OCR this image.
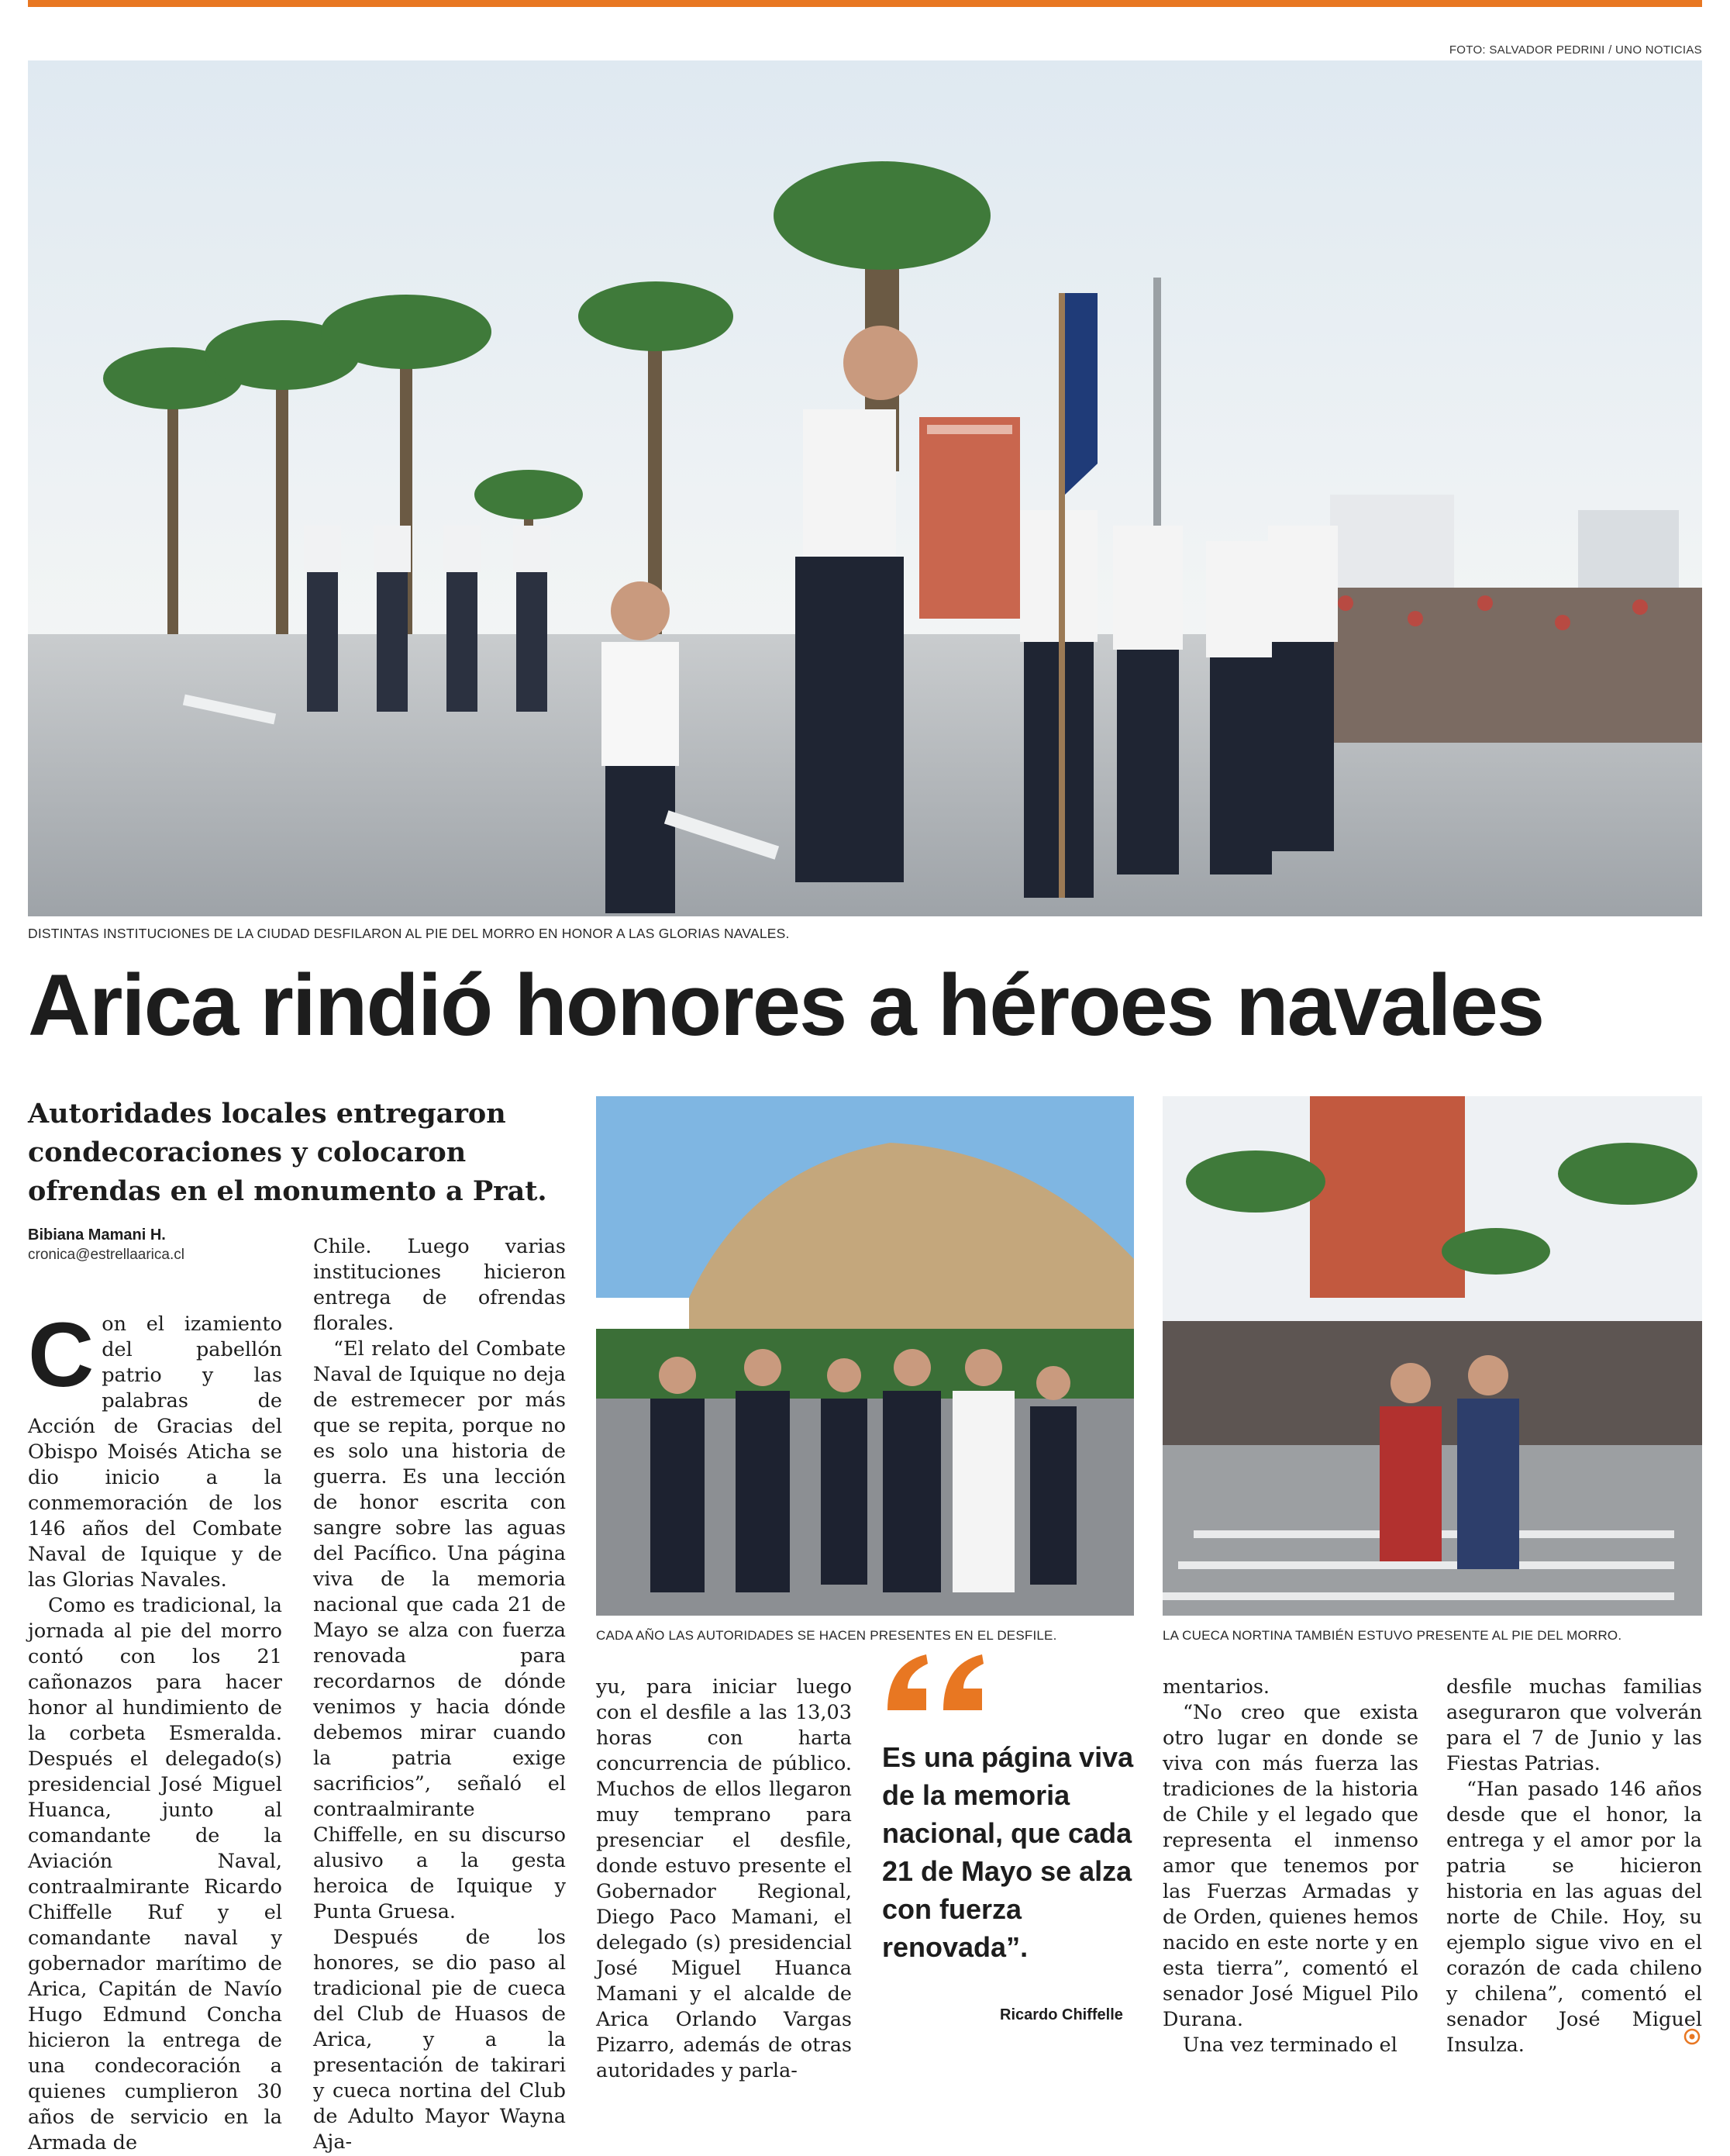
FOTO: SALVADOR PEDRINI / UNO NOTICIAS
DISTINTAS INSTITUCIONES DE LA CIUDAD DESFILARON AL PIE DEL MORRO EN HONOR A LAS GLORIAS NAVALES.
Arica rindió honores a héroes navales
Autoridades locales entregaron condecoraciones y colocaron ofrendas en el monumento a Prat.
Bibiana Mamani H.
cronica@estrellaarica.cl
CADA AÑO LAS AUTORIDADES SE HACEN PRESENTES EN EL DESFILE.	LA CUECA NORTINA TAMBIÉN ESTUVO PRESENTE AL PIE DEL MORRO.

Con el izamiento del pabellón patrio y las palabras de Acción de Gracias del Obispo Moisés Aticha se dio inicio a la conmemoración de los 146 años del Combate Naval de Iquique y de las Glorias Navales.

Como es tradicional, la jornada al pie del morro contó con los 21 cañonazos para hacer honor al hundimiento de la corbeta Esmeralda. Después el delegado(s) presidencial José Miguel Huanca, junto al comandante de la Aviación Naval, contraalmirante Ricardo Chiffelle Ruf y el comandante naval y gobernador marítimo de Arica, Capitán de Navío Hugo Edmund Concha hicieron la entrega de una condecoración a quienes cumplieron 30 años de servicio en la Armada de

Chile. Luego varias instituciones hicieron entrega de ofrendas florales.

“El relato del Combate Naval de Iquique no deja de estremecer por más que se repita, porque no es solo una historia de guerra. Es una lección de honor escrita con sangre sobre las aguas del Pacífico. Una página viva de la memoria nacional que cada 21 de Mayo se alza con fuerza renovada para recordarnos de dónde venimos y hacia dónde debemos mirar cuando la patria exige sacrificios”, señaló el contraalmirante Chiffelle, en su discurso alusivo a la gesta heroica de Iquique y Punta Gruesa.

Después de los honores, se dio paso al tradicional pie de cueca del Club de Huasos de Arica, y a la presentación de takirari y cueca nortina del Club de Adulto Mayor Wayna Aja-

yu, para iniciar luego con el desfile a las 13,03 horas con harta concurrencia de público. Muchos de ellos llegaron muy temprano para presenciar el desfile, donde estuvo presente el Gobernador Regional, Diego Paco Mamani, el delegado (s) presidencial José Miguel Huanca Mamani y el alcalde de Arica Orlando Vargas Pizarro, además de otras autoridades y parla-

Es una página viva de la memoria nacional, que cada 21 de Mayo se alza con fuerza renovada”.
Ricardo Chiffelle

mentarios.

“No creo que exista otro lugar en donde se viva con más fuerza las tradiciones de la historia de Chile y el legado que representa el inmenso amor que tenemos por las Fuerzas Armadas y de Orden, quienes hemos nacido en este norte y en esta tierra”, comentó el senador José Miguel Pilo Durana.

Una vez terminado el

desfile muchas familias aseguraron que volverán para el 7 de Junio y las Fiestas Patrias.

“Han pasado 146 años desde que el honor, la entrega y el amor por la patria se hicieron historia en las aguas del norte de Chile. Hoy, su ejemplo sigue vivo en el corazón de cada chileno y chilena”, comentó el senador José Miguel Insulza.
